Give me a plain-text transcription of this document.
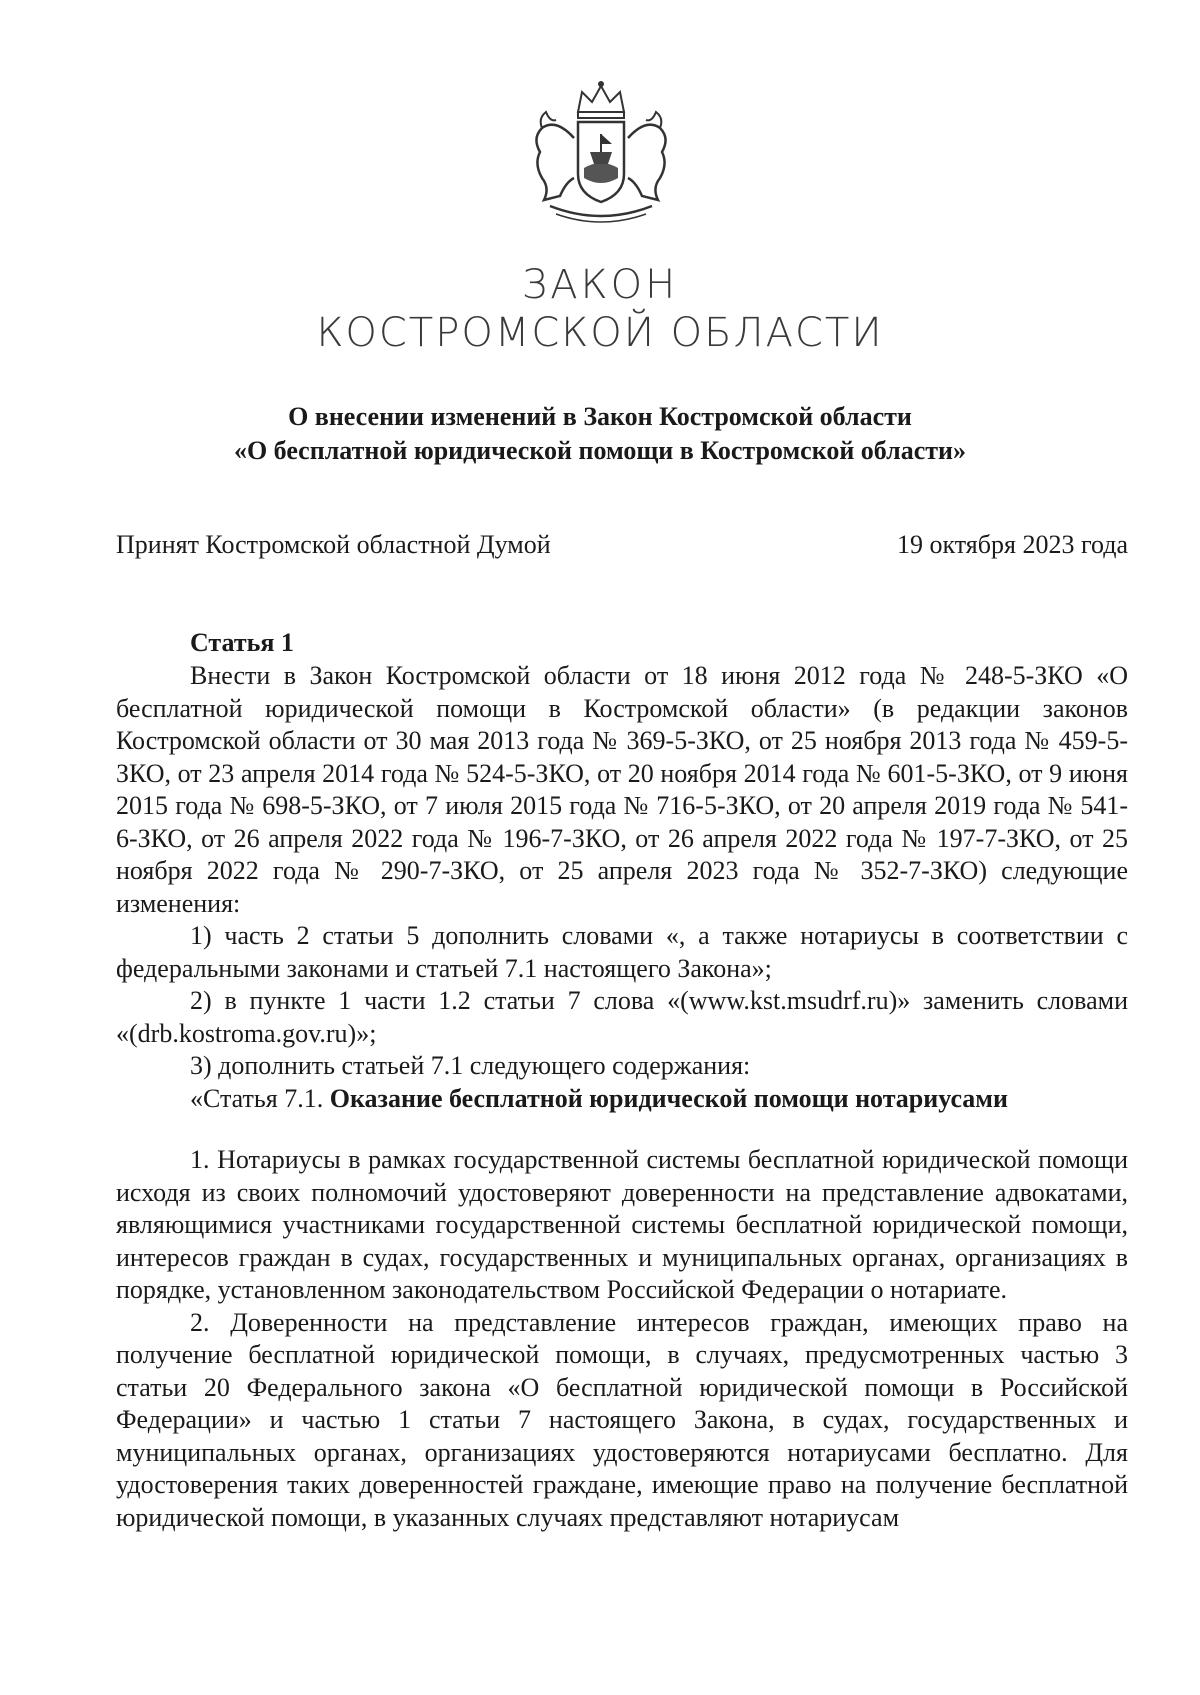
ЗАКОН
КОСТРОМСКОЙ ОБЛАСТИ
О внесении изменений в Закон Костромской области
«О бесплатной юридической помощи в Костромской области»
Принят Костромской областной Думой	19 октября 2023 года
Статья 1

Внести в Закон Костромской области от 18 июня 2012 года № 248-5-ЗКО «О бесплатной юридической помощи в Костромской области» (в редакции законов Костромской области от 30 мая 2013 года № 369-5-ЗКО, от 25 ноября 2013 года № 459-5-ЗКО, от 23 апреля 2014 года № 524-5-ЗКО, от 20 ноября 2014 года № 601-5-ЗКО, от 9 июня 2015 года № 698-5-ЗКО, от 7 июля 2015 года № 716-5-ЗКО, от 20 апреля 2019 года № 541-6-ЗКО, от 26 апреля 2022 года № 196-7-ЗКО, от 26 апреля 2022 года № 197-7-ЗКО, от 25 ноября 2022 года № 290-7-ЗКО, от 25 апреля 2023 года № 352-7-ЗКО) следующие изменения:

1) часть 2 статьи 5 дополнить словами «, а также нотариусы в соответствии с федеральными законами и статьей 7.1 настоящего Закона»;

2) в пункте 1 части 1.2 статьи 7 слова «(www.kst.msudrf.ru)» заменить словами «(drb.kostroma.gov.ru)»;

3) дополнить статьей 7.1 следующего содержания:

«Статья 7.1. Оказание бесплатной юридической помощи нотариусами

1. Нотариусы в рамках государственной системы бесплатной юридической помощи исходя из своих полномочий удостоверяют доверенности на представление адвокатами, являющимися участниками государственной системы бесплатной юридической помощи, интересов граждан в судах, государственных и муниципальных органах, организациях в порядке, установленном законодательством Российской Федерации о нотариате.

2. Доверенности на представление интересов граждан, имеющих право на получение бесплатной юридической помощи, в случаях, предусмотренных частью 3 статьи 20 Федерального закона «О бесплатной юридической помощи в Российской Федерации» и частью 1 статьи 7 настоящего Закона, в судах, государственных и муниципальных органах, организациях удостоверяются нотариусами бесплатно. Для удостоверения таких доверенностей граждане, имеющие право на получение бесплатной юридической помощи, в указанных случаях представляют нотариусам
